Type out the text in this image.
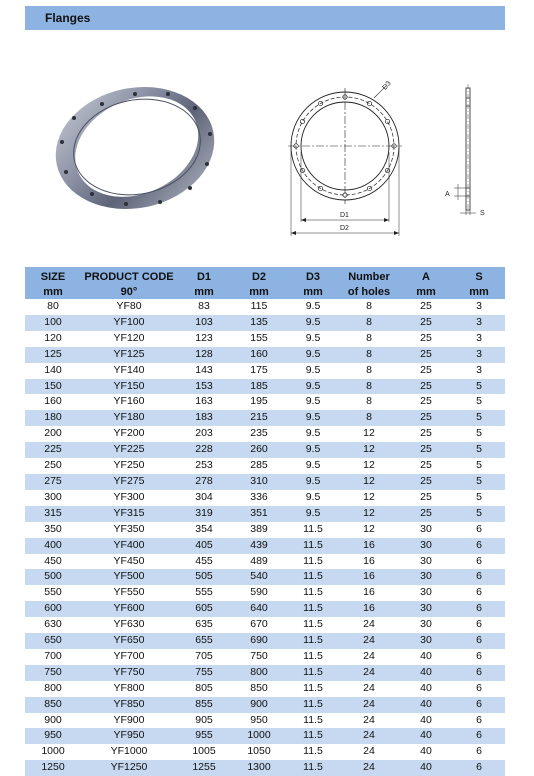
Flanges
D3
D1
D2
A
S
SIZE	PRODUCT CODE	D1	D2	D3	Number	A	S
mm	90°	mm	mm	mm	of holes	mm	mm
80	YF80	83	115	9.5	8	25	3
100	YF100	103	135	9.5	8	25	3
120	YF120	123	155	9.5	8	25	3
125	YF125	128	160	9.5	8	25	3
140	YF140	143	175	9.5	8	25	3
150	YF150	153	185	9.5	8	25	5
160	YF160	163	195	9.5	8	25	5
180	YF180	183	215	9.5	8	25	5
200	YF200	203	235	9.5	12	25	5
225	YF225	228	260	9.5	12	25	5
250	YF250	253	285	9.5	12	25	5
275	YF275	278	310	9.5	12	25	5
300	YF300	304	336	9.5	12	25	5
315	YF315	319	351	9.5	12	25	5
350	YF350	354	389	11.5	12	30	6
400	YF400	405	439	11.5	16	30	6
450	YF450	455	489	11.5	16	30	6
500	YF500	505	540	11.5	16	30	6
550	YF550	555	590	11.5	16	30	6
600	YF600	605	640	11.5	16	30	6
630	YF630	635	670	11.5	24	30	6
650	YF650	655	690	11.5	24	30	6
700	YF700	705	750	11.5	24	40	6
750	YF750	755	800	11.5	24	40	6
800	YF800	805	850	11.5	24	40	6
850	YF850	855	900	11.5	24	40	6
900	YF900	905	950	11.5	24	40	6
950	YF950	955	1000	11.5	24	40	6
1000	YF1000	1005	1050	11.5	24	40	6
1250	YF1250	1255	1300	11.5	24	40	6
